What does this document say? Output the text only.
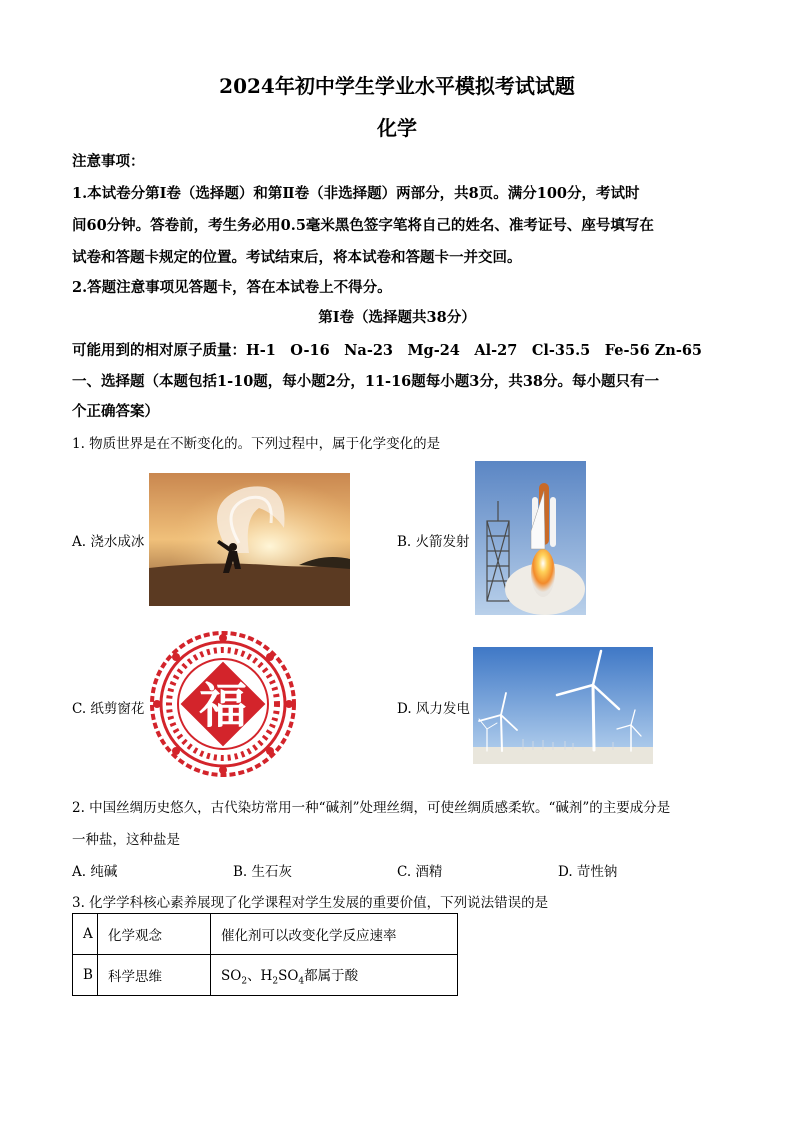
2024年初中学生学业水平模拟考试试题
化学
注意事项：
1.本试卷分第Ⅰ卷（选择题）和第Ⅱ卷（非选择题）两部分，共8页。满分100分，考试时
间60分钟。答卷前，考生务必用0.5毫米黑色签字笔将自己的姓名、准考证号、座号填写在
试卷和答题卡规定的位置。考试结束后，将本试卷和答题卡一并交回。
2.答题注意事项见答题卡，答在本试卷上不得分。
第Ⅰ卷（选择题共38分）
可能用到的相对原子质量：H-1　O-16　Na-23　Mg-24　Al-27　Cl-35.5　Fe-56 Zn-65
一、选择题（本题包括1-10题，每小题2分，11-16题每小题3分，共38分。每小题只有一
个正确答案）
1. 物质世界是在不断变化的。下列过程中，属于化学变化的是
A. 浇水成冰	B. 火箭发射
C. 纸剪窗花 福	D. 风力发电
2. 中国丝绸历史悠久，古代染坊常用一种“碱剂”处理丝绸，可使丝绸质感柔软。“碱剂”的主要成分是
一种盐，这种盐是
A. 纯碱	B. 生石灰	C. 酒精	D. 苛性钠
3. 化学学科核心素养展现了化学课程对学生发展的重要价值，下列说法错误的是
A	化学观念	催化剂可以改变化学反应速率
B	科学思维	$SO_2$、$H_2SO_4$都属于酸
